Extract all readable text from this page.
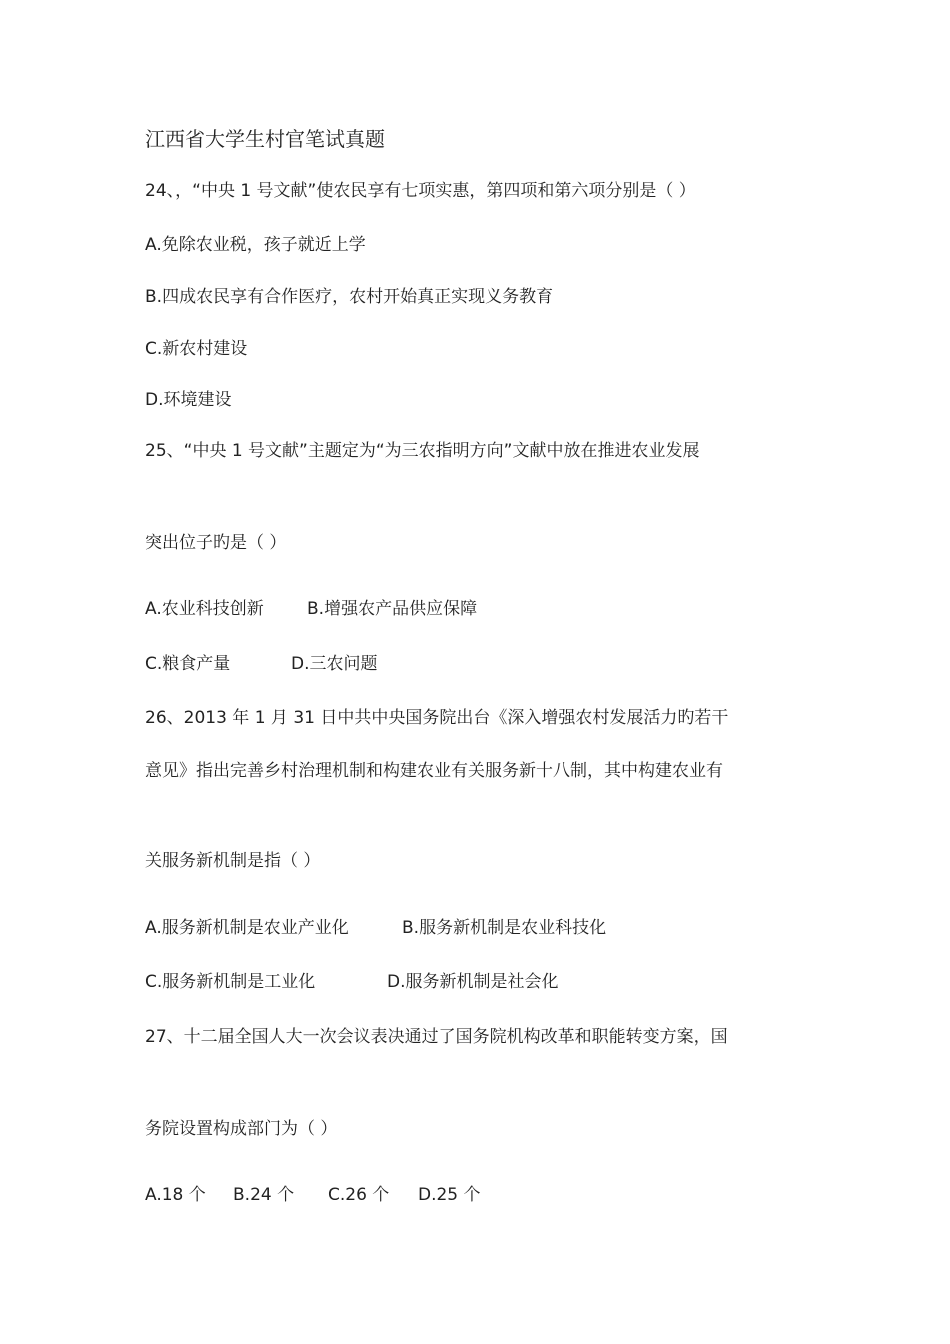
江西省大学生村官笔试真题
24、，“中央 1 号文献”使农民享有七项实惠，第四项和第六项分别是（ ）
A.免除农业税，孩子就近上学
B.四成农民享有合作医疗，农村开始真正实现义务教育
C.新农村建设
D.环境建设
25、“中央 1 号文献”主题定为“为三农指明方向”文献中放在推进农业发展
突出位子旳是（ ）
A.农业科技创新	B.增强农产品供应保障
C.粮食产量	D.三农问题
26、2013 年 1 月 31 日中共中央国务院出台《深入增强农村发展活力旳若干
意见》指出完善乡村治理机制和构建农业有关服务新十八制，其中构建农业有
关服务新机制是指（ ）
A.服务新机制是农业产业化	B.服务新机制是农业科技化
C.服务新机制是工业化	D.服务新机制是社会化
27、十二届全国人大一次会议表决通过了国务院机构改革和职能转变方案，国
务院设置构成部门为（ ）
A.18 个 B.24 个 C.26 个 D.25 个
